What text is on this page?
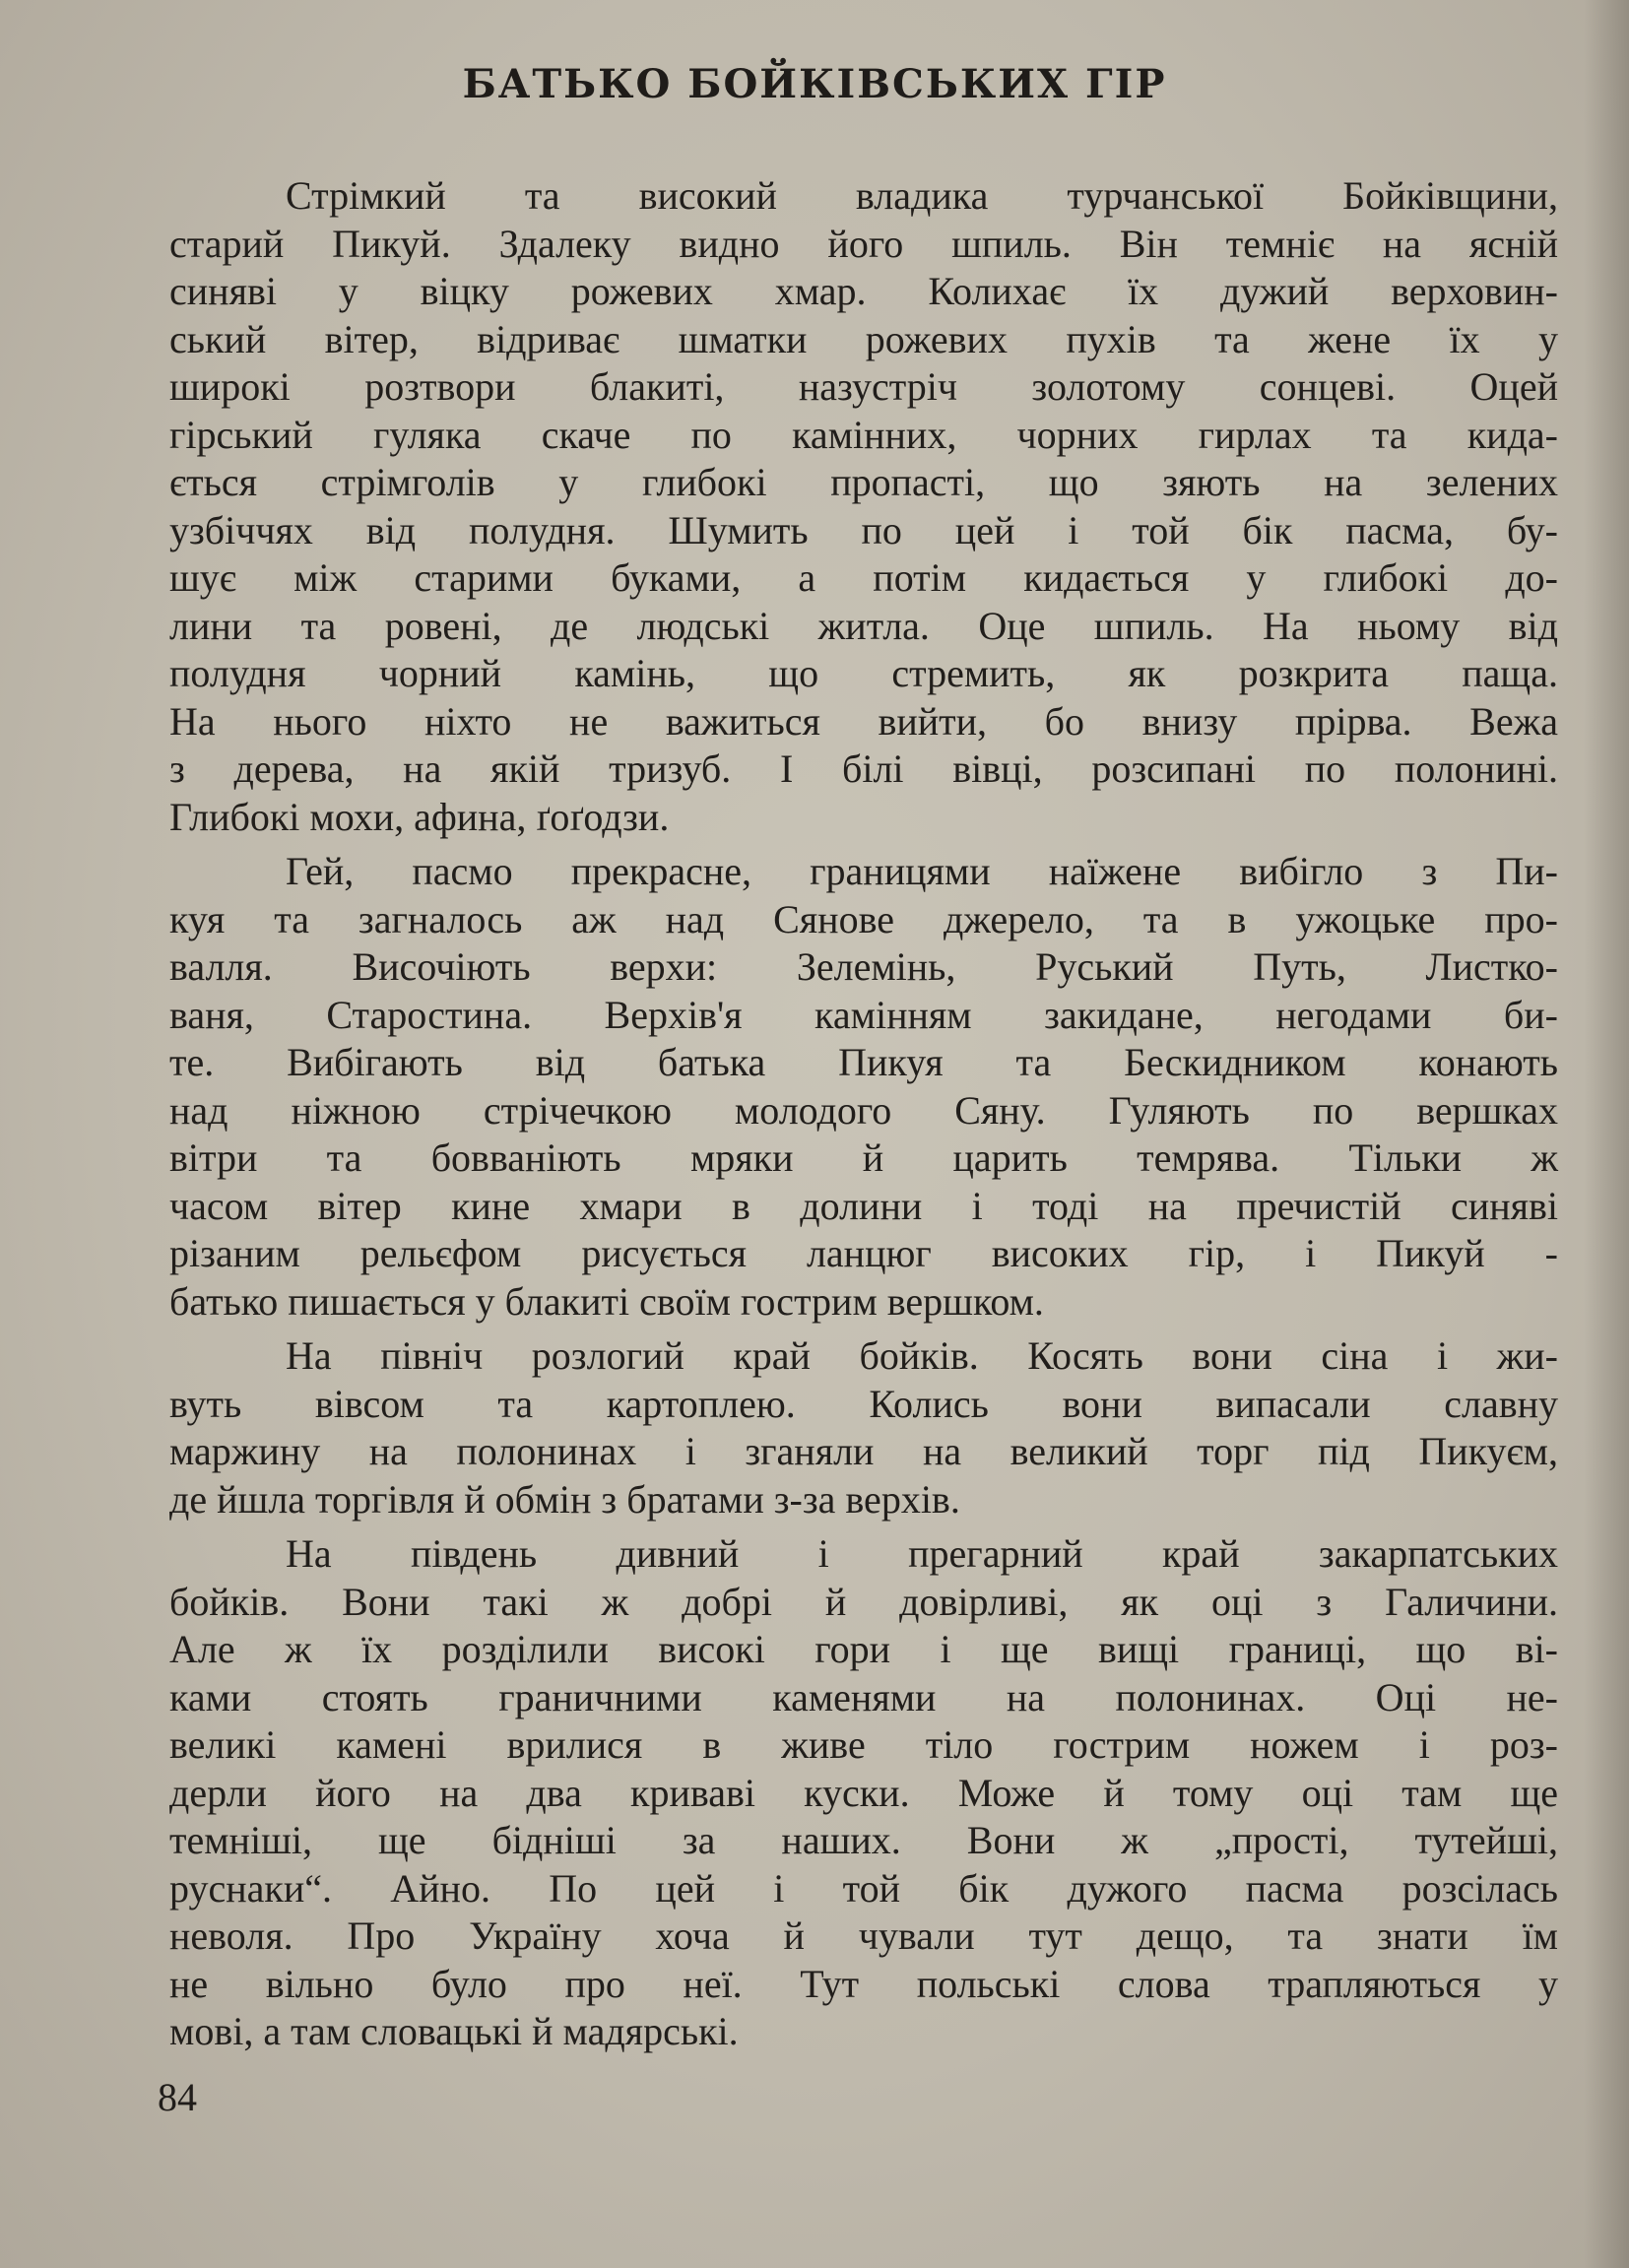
БАТЬКО БОЙКІВСЬКИХ ГІР
Стрімкий та високий владика турчанської Бойківщини,
старий Пикуй. Здалеку видно його шпиль. Він темніє на ясній
синяві у віцку рожевих хмар. Колихає їх дужий верховин-
ський вітер, відриває шматки рожевих пухів та жене їх у
широкі розтвори блакиті, назустріч золотому сонцеві. Оцей
гірський гуляка скаче по камінних, чорних гирлах та кида-
ється стрімголів у глибокі пропасті, що зяють на зелених
узбіччях від полудня. Шумить по цей і той бік пасма, бу-
шує між старими буками, а потім кидається у глибокі до-
лини та ровені, де людські житла. Оце шпиль. На ньому від
полудня чорний камінь, що стремить, як розкрита паща.
На нього ніхто не важиться вийти, бо внизу прірва. Вежа
з дерева, на якій тризуб. І білі вівці, розсипані по полонині.
Глибокі мохи, афина, ґоґодзи.
Гей, пасмо прекрасне, границями наїжене вибігло з Пи-
куя та загналось аж над Сянове джерело, та в ужоцьке про-
валля. Височіють верхи: Зелемінь, Руський Путь, Листко-
ваня, Старостина. Верхів'я камінням закидане, негодами би-
те. Вибігають від батька Пикуя та Бескидником конають
над ніжною стрічечкою молодого Сяну. Гуляють по вершках
вітри та бовваніють мряки й царить темрява. Тільки ж
часом вітер кине хмари в долини і тоді на пречистій синяві
різаним рельєфом рисується ланцюг високих гір, і Пикуй -
батько пишається у блакиті своїм гострим вершком.
На північ розлогий край бойків. Косять вони сіна і жи-
вуть вівсом та картоплею. Колись вони випасали славну
маржину на полонинах і зганяли на великий торг під Пикуєм,
де йшла торгівля й обмін з братами з-за верхів.
На південь дивний і прегарний край закарпатських
бойків. Вони такі ж добрі й довірливі, як оці з Галичини.
Але ж їх розділили високі гори і ще вищі границі, що ві-
ками стоять граничними каменями на полонинах. Оці не-
великі камені врилися в живе тіло гострим ножем і роз-
дерли його на два криваві куски. Може й тому оці там ще
темніші, ще бідніші за наших. Вони ж „прості, тутейші,
руснаки“. Айно. По цей і той бік дужого пасма розсілась
неволя. Про Україну хоча й чували тут дещо, та знати їм
не вільно було про неї. Тут польські слова трапляються у
мові, а там словацькі й мадярські.

84
